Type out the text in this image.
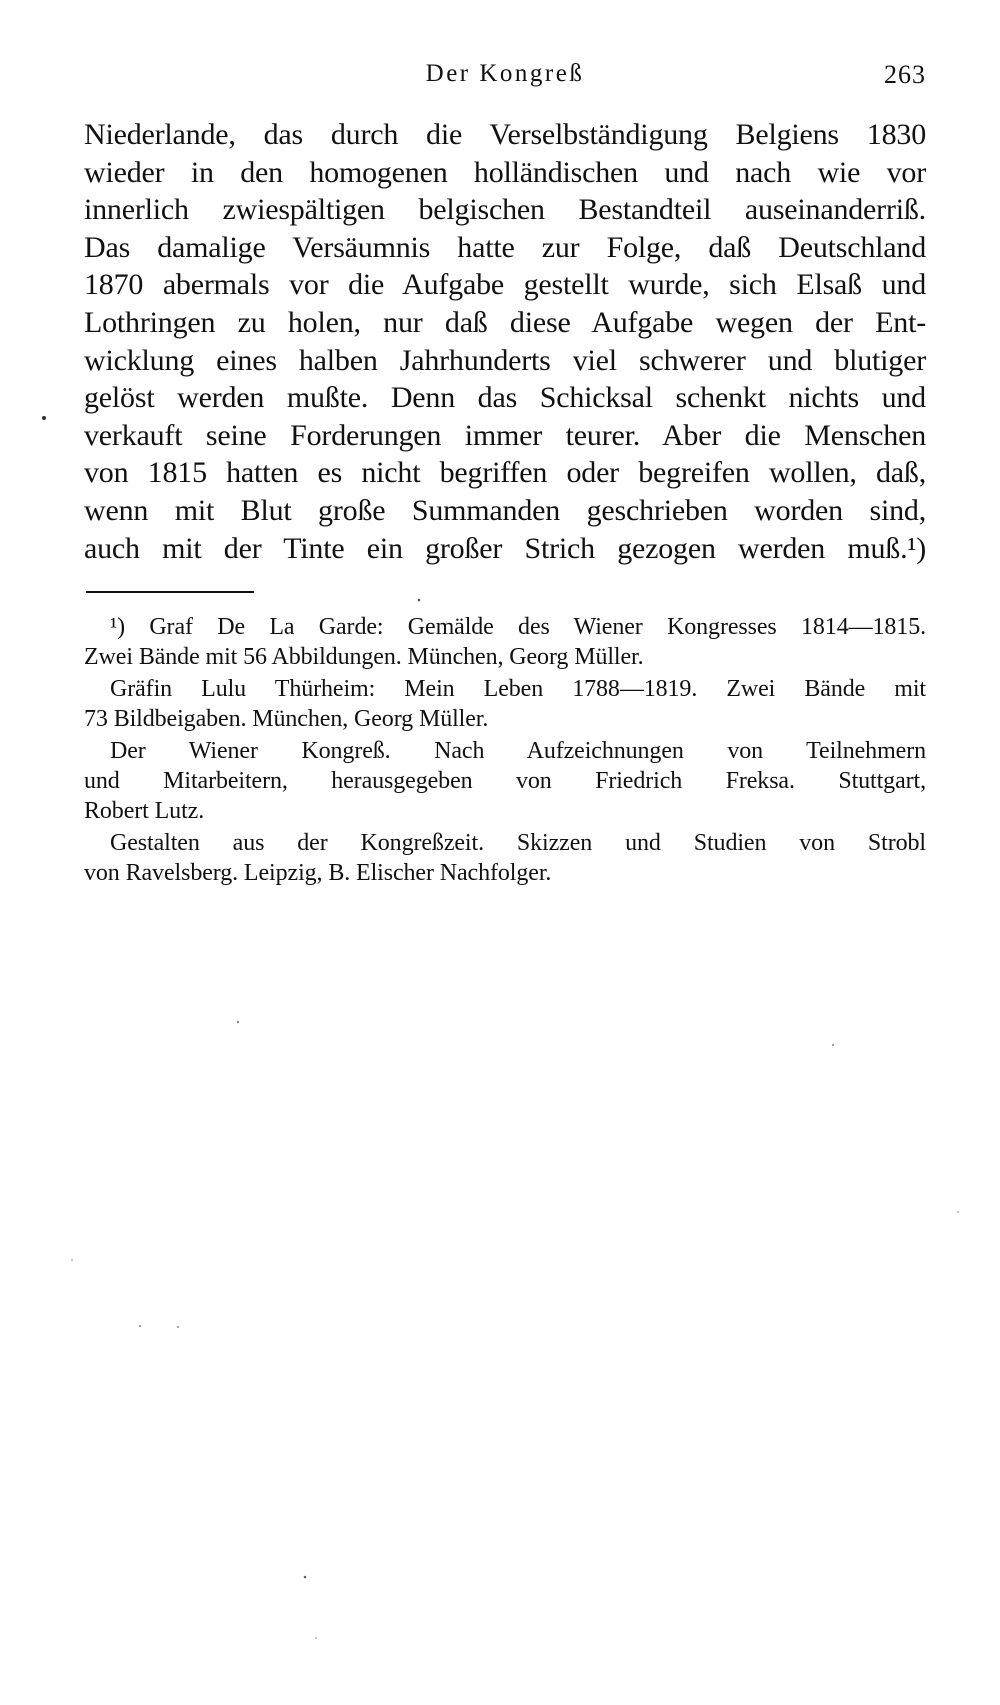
Der Kongreß	263
Niederlande, das durch die Verselbständigung Belgiens 1830
wieder in den homogenen holländischen und nach wie vor
innerlich zwiespältigen belgischen Bestandteil auseinanderriß.
Das damalige Versäumnis hatte zur Folge, daß Deutschland
1870 abermals vor die Aufgabe gestellt wurde, sich Elsaß und
Lothringen zu holen, nur daß diese Aufgabe wegen der Ent-
wicklung eines halben Jahrhunderts viel schwerer und blutiger
gelöst werden mußte. Denn das Schicksal schenkt nichts und
verkauft seine Forderungen immer teurer. Aber die Menschen
von 1815 hatten es nicht begriffen oder begreifen wollen, daß,
wenn mit Blut große Summanden geschrieben worden sind,
auch mit der Tinte ein großer Strich gezogen werden muß.¹)
¹) Graf De La Garde: Gemälde des Wiener Kongresses 1814—1815.
Zwei Bände mit 56 Abbildungen. München, Georg Müller.
Gräfin Lulu Thürheim: Mein Leben 1788—1819. Zwei Bände mit
73 Bildbeigaben. München, Georg Müller.
Der Wiener Kongreß. Nach Aufzeichnungen von Teilnehmern
und Mitarbeitern, herausgegeben von Friedrich Freksa. Stuttgart,
Robert Lutz.
Gestalten aus der Kongreßzeit. Skizzen und Studien von Strobl
von Ravelsberg. Leipzig, B. Elischer Nachfolger.
